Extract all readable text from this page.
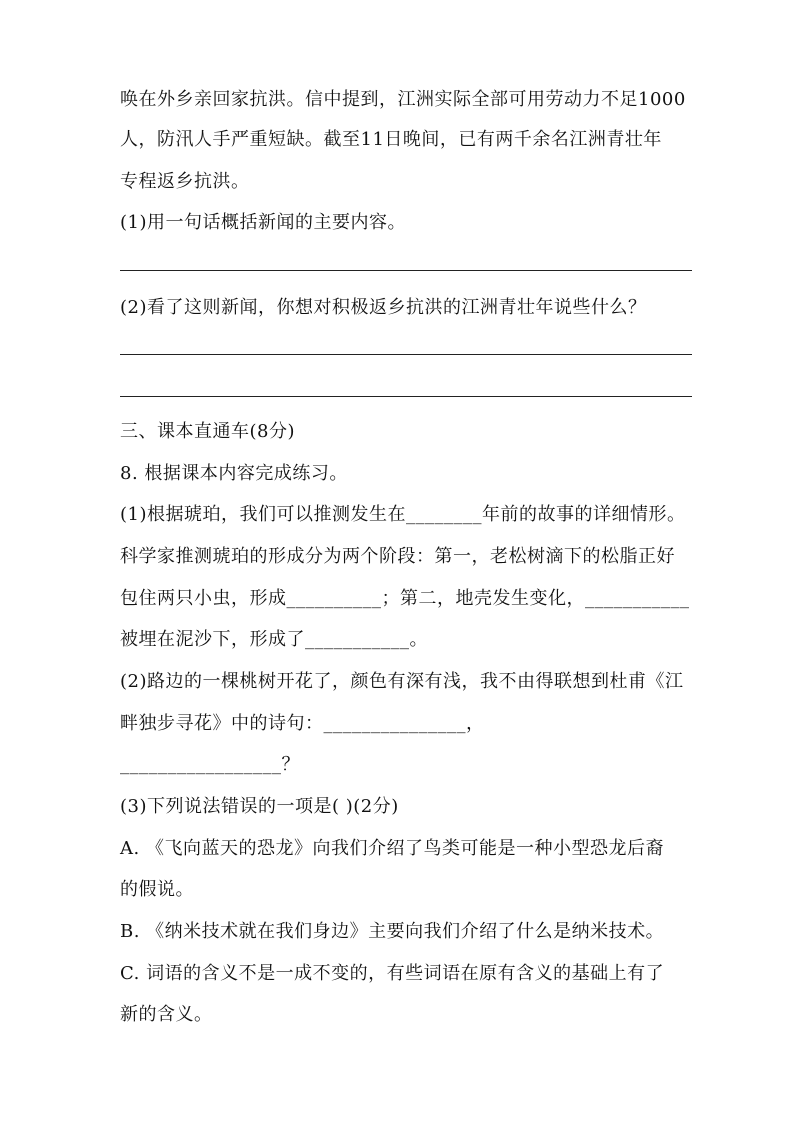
唤在外乡亲回家抗洪。信中提到，江洲实际全部可用劳动力不足1000
人，防汛人手严重短缺。截至11日晚间，已有两千余名江洲青壮年
专程返乡抗洪。
(1)用一句话概括新闻的主要内容。
(2)看了这则新闻，你想对积极返乡抗洪的江洲青壮年说些什么？
三、课本直通车(8分)
8. 根据课本内容完成练习。
(1)根据琥珀，我们可以推测发生在________年前的故事的详细情形。
科学家推测琥珀的形成分为两个阶段：第一，老松树滴下的松脂正好
包住两只小虫，形成__________；第二，地壳发生变化，___________
被埋在泥沙下，形成了___________。
(2)路边的一棵桃树开花了，颜色有深有浅，我不由得联想到杜甫《江
畔独步寻花》中的诗句：_______________，
_________________？
(3)下列说法错误的一项是( )(2分)
A. 《飞向蓝天的恐龙》向我们介绍了鸟类可能是一种小型恐龙后裔
的假说。
B. 《纳米技术就在我们身边》主要向我们介绍了什么是纳米技术。
C. 词语的含义不是一成不变的，有些词语在原有含义的基础上有了
新的含义。
